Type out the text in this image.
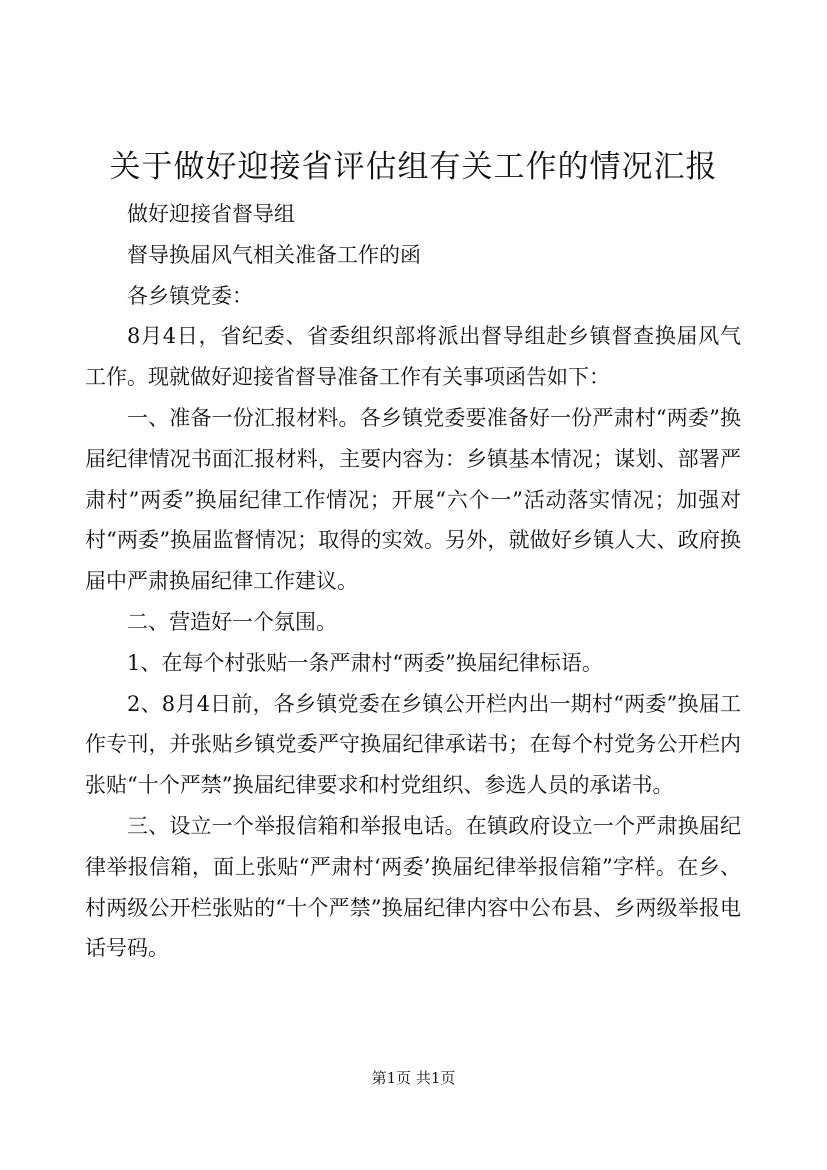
关于做好迎接省评估组有关工作的情况汇报

做好迎接省督导组

督导换届风气相关准备工作的函

各乡镇党委：

8月4日，省纪委、省委组织部将派出督导组赴乡镇督查换届风气工作。现就做好迎接省督导准备工作有关事项函告如下：

一、准备一份汇报材料。各乡镇党委要准备好一份严肃村“两委”换届纪律情况书面汇报材料，主要内容为：乡镇基本情况；谋划、部署严肃村”两委”换届纪律工作情况；开展“六个一”活动落实情况；加强对村“两委”换届监督情况；取得的实效。另外，就做好乡镇人大、政府换届中严肃换届纪律工作建议。

二、营造好一个氛围。

1、在每个村张贴一条严肃村“两委”换届纪律标语。

2、8月4日前，各乡镇党委在乡镇公开栏内出一期村“两委”换届工作专刊，并张贴乡镇党委严守换届纪律承诺书；在每个村党务公开栏内张贴“十个严禁”换届纪律要求和村党组织、参选人员的承诺书。

三、设立一个举报信箱和举报电话。在镇政府设立一个严肃换届纪律举报信箱，面上张贴“严肃村‘两委’换届纪律举报信箱”字样。在乡、村两级公开栏张贴的“十个严禁”换届纪律内容中公布县、乡两级举报电话号码。

第1页 共1页
